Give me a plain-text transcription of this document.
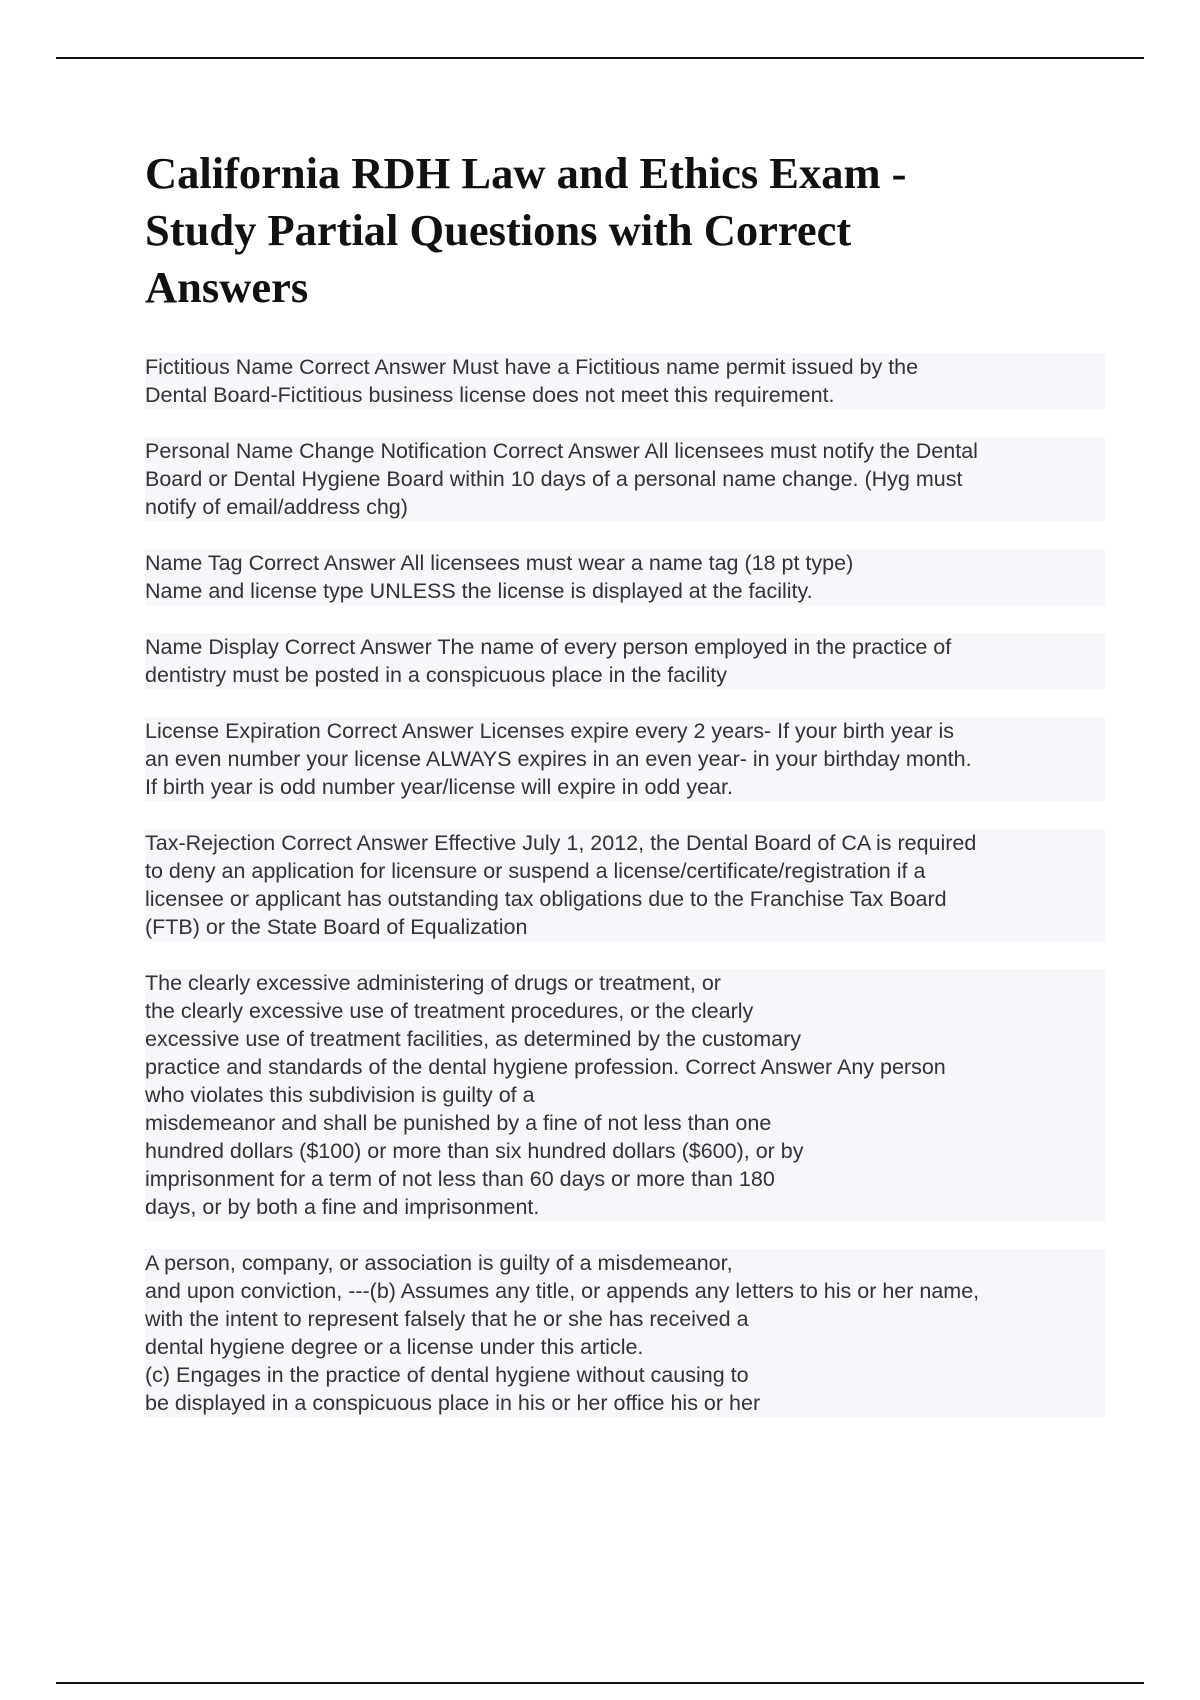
California RDH Law and Ethics Exam -
Study Partial Questions with Correct
Answers

Fictitious Name Correct Answer Must have a Fictitious name permit issued by the
Dental Board-Fictitious business license does not meet this requirement.

Personal Name Change Notification Correct Answer All licensees must notify the Dental
Board or Dental Hygiene Board within 10 days of a personal name change. (Hyg must
notify of email/address chg)

Name Tag Correct Answer All licensees must wear a name tag (18 pt type)
Name and license type UNLESS the license is displayed at the facility.

Name Display Correct Answer The name of every person employed in the practice of
dentistry must be posted in a conspicuous place in the facility

License Expiration Correct Answer Licenses expire every 2 years- If your birth year is
an even number your license ALWAYS expires in an even year- in your birthday month.
If birth year is odd number year/license will expire in odd year.

Tax-Rejection Correct Answer Effective July 1, 2012, the Dental Board of CA is required
to deny an application for licensure or suspend a license/certificate/registration if a
licensee or applicant has outstanding tax obligations due to the Franchise Tax Board
(FTB) or the State Board of Equalization

The clearly excessive administering of drugs or treatment, or
the clearly excessive use of treatment procedures, or the clearly
excessive use of treatment facilities, as determined by the customary
practice and standards of the dental hygiene profession. Correct Answer Any person
who violates this subdivision is guilty of a
misdemeanor and shall be punished by a fine of not less than one
hundred dollars ($100) or more than six hundred dollars ($600), or by
imprisonment for a term of not less than 60 days or more than 180
days, or by both a fine and imprisonment.

A person, company, or association is guilty of a misdemeanor,
and upon conviction, ---(b) Assumes any title, or appends any letters to his or her name,
with the intent to represent falsely that he or she has received a
dental hygiene degree or a license under this article.
(c) Engages in the practice of dental hygiene without causing to
be displayed in a conspicuous place in his or her office his or her
